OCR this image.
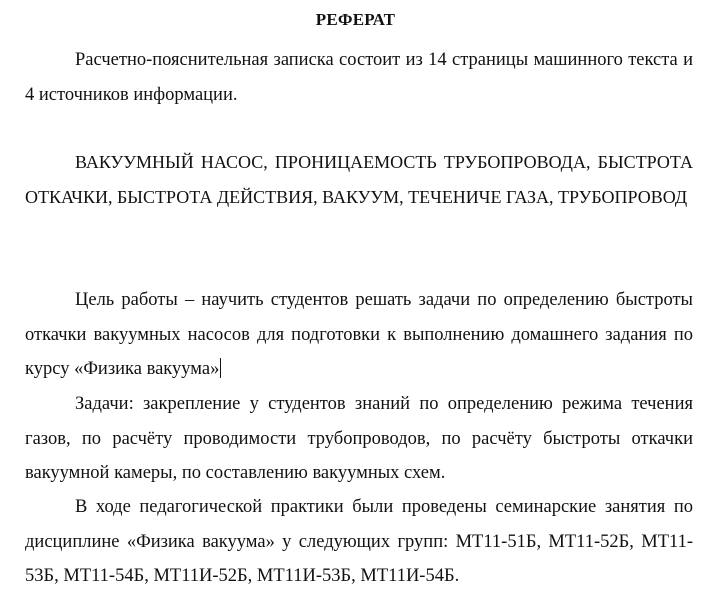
РЕФЕРАТ

Расчетно-пояснительная записка состоит из 14 страницы машинного текста и 4 источников информации.

ВАКУУМНЫЙ НАСОС, ПРОНИЦАЕМОСТЬ ТРУБОПРОВОДА, БЫСТРОТА ОТКАЧКИ, БЫСТРОТА ДЕЙСТВИЯ, ВАКУУМ, ТЕЧЕНИЧЕ ГАЗА, ТРУБОПРОВОД

Цель работы – научить студентов решать задачи по определению быстроты откачки вакуумных насосов для подготовки к выполнению домашнего задания по курсу «Физика вакуума»

Задачи: закрепление у студентов знаний по определению режима течения газов, по расчёту проводимости трубопроводов, по расчёту быстроты откачки вакуумной камеры, по составлению вакуумных схем.

В ходе педагогической практики были проведены семинарские занятия по дисциплине «Физика вакуума» у следующих групп: МТ11-51Б, МТ11-52Б, МТ11-53Б, МТ11-54Б, МТ11И-52Б, МТ11И-53Б, МТ11И-54Б.
